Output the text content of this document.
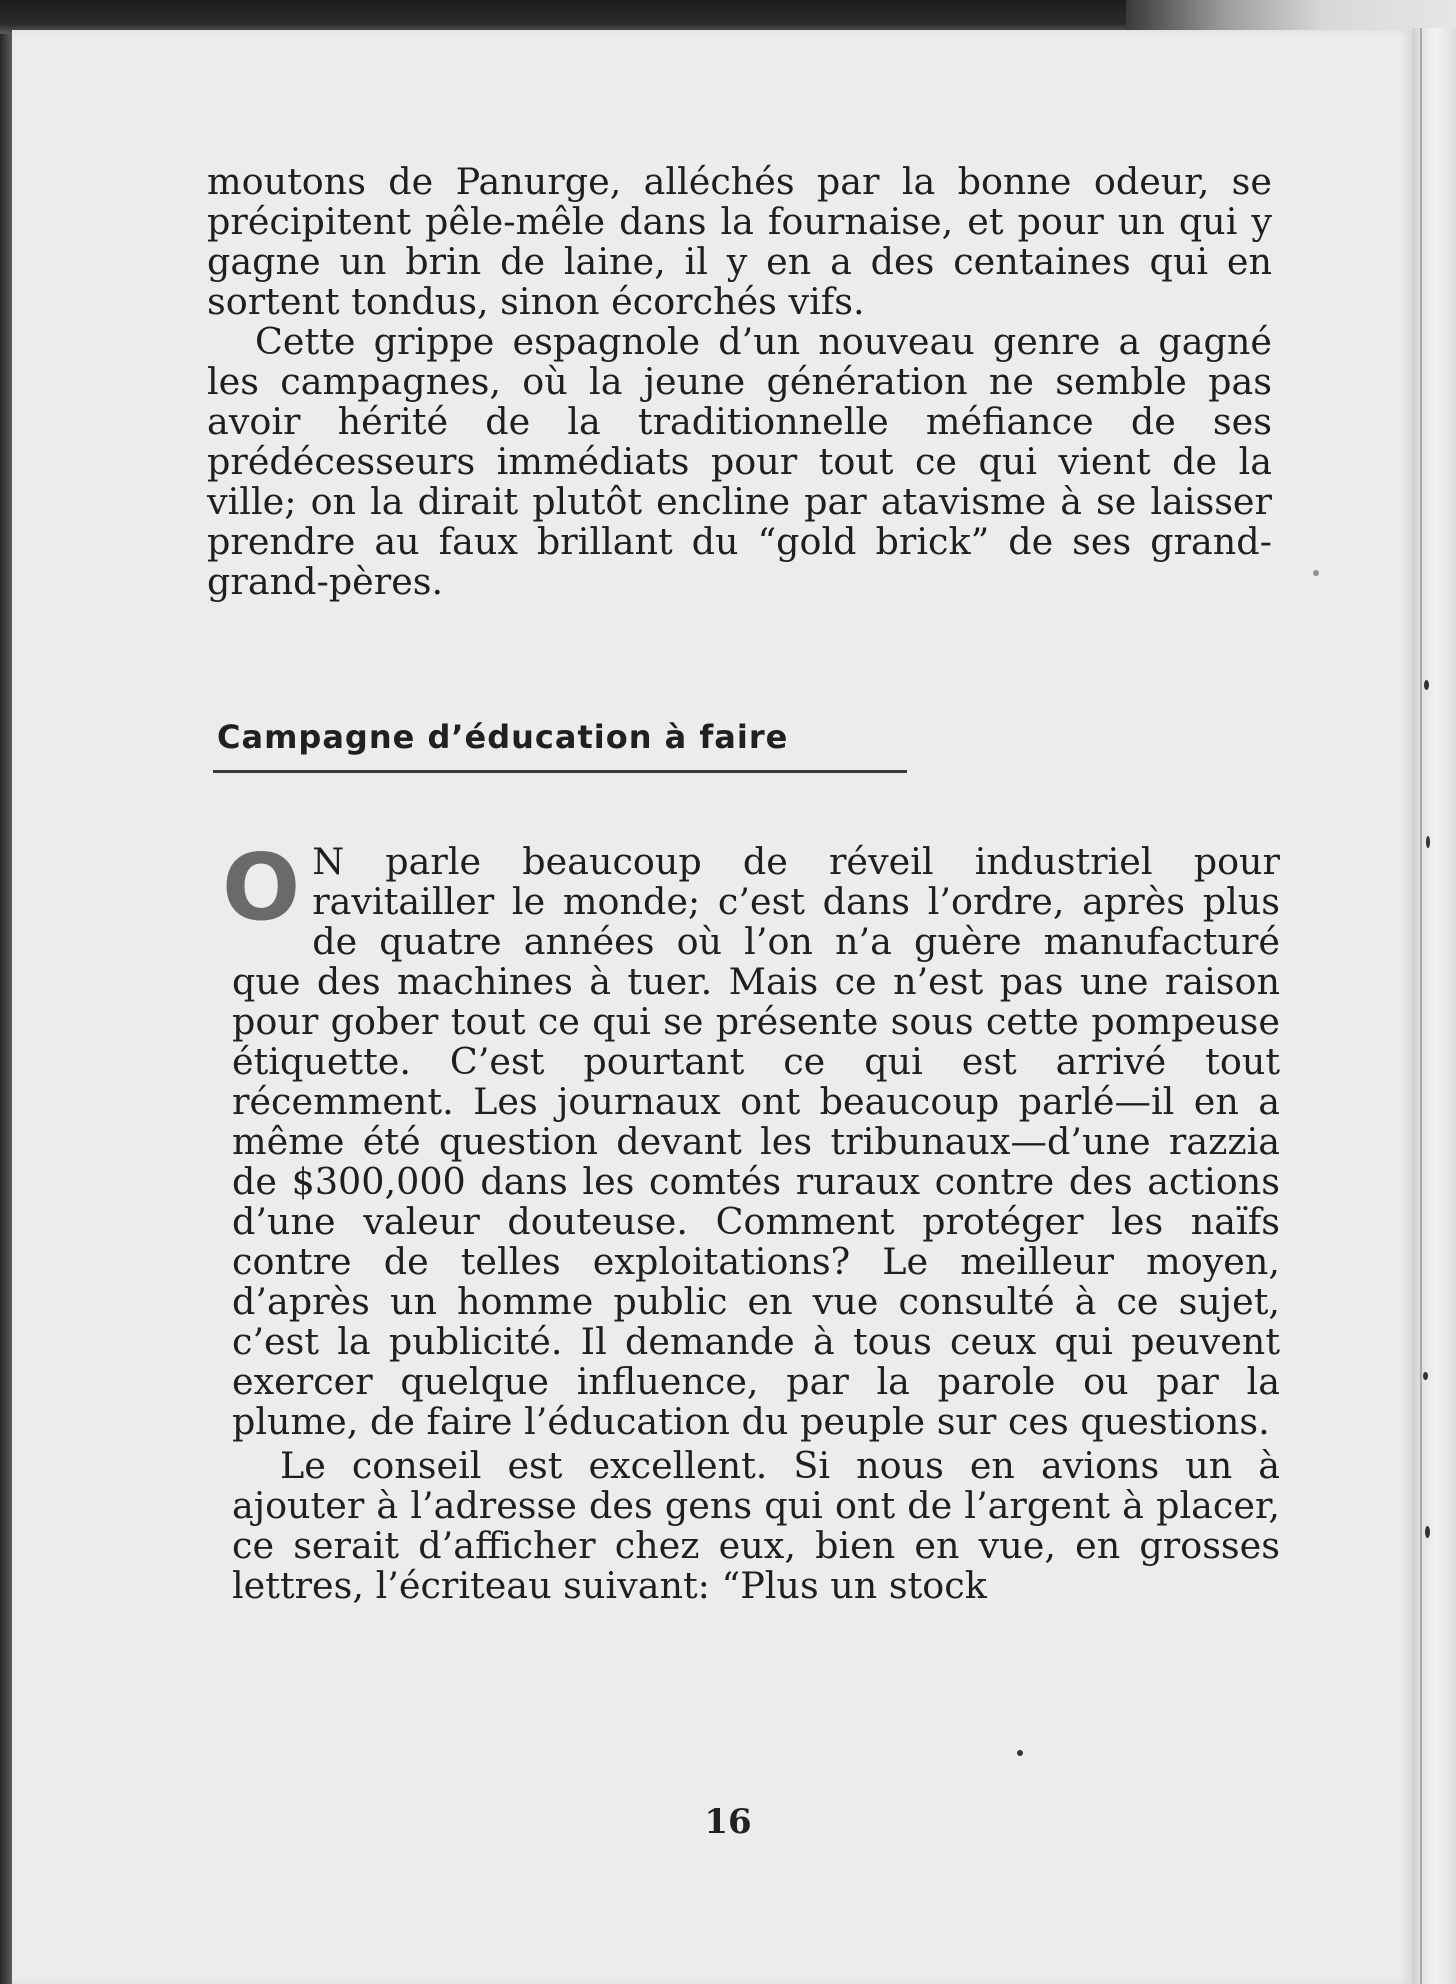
moutons de Panurge, alléchés par la bonne odeur, se précipitent pêle-mêle dans la fournaise, et pour un qui y gagne un brin de laine, il y en a des centaines qui en sortent tondus, sinon écorchés vifs.

Cette grippe espagnole d’un nouveau genre a gagné les campagnes, où la jeune génération ne semble pas avoir hérité de la traditionnelle méfiance de ses prédécesseurs immédiats pour tout ce qui vient de la ville; on la dirait plutôt encline par atavisme à se laisser prendre au faux brillant du “gold brick” de ses grand-grand-pères.

Campagne d’éducation à faire

O N parle beaucoup de réveil industriel pour ravitailler le monde; c’est dans l’ordre, après plus de quatre années où l’on n’a guère manufacturé que des machines à tuer. Mais ce n’est pas une raison pour gober tout ce qui se présente sous cette pompeuse étiquette. C’est pourtant ce qui est arrivé tout récemment. Les journaux ont beaucoup parlé—il en a même été question devant les tribunaux—d’une razzia de $300,000 dans les comtés ruraux contre des actions d’une valeur douteuse. Comment protéger les naïfs contre de telles exploitations? Le meilleur moyen, d’après un homme public en vue consulté à ce sujet, c’est la publicité. Il demande à tous ceux qui peuvent exercer quelque influence, par la parole ou par la plume, de faire l’éducation du peuple sur ces questions.

Le conseil est excellent. Si nous en avions un à ajouter à l’adresse des gens qui ont de l’argent à placer, ce serait d’afficher chez eux, bien en vue, en grosses lettres, l’écriteau suivant: “Plus un stock

16
